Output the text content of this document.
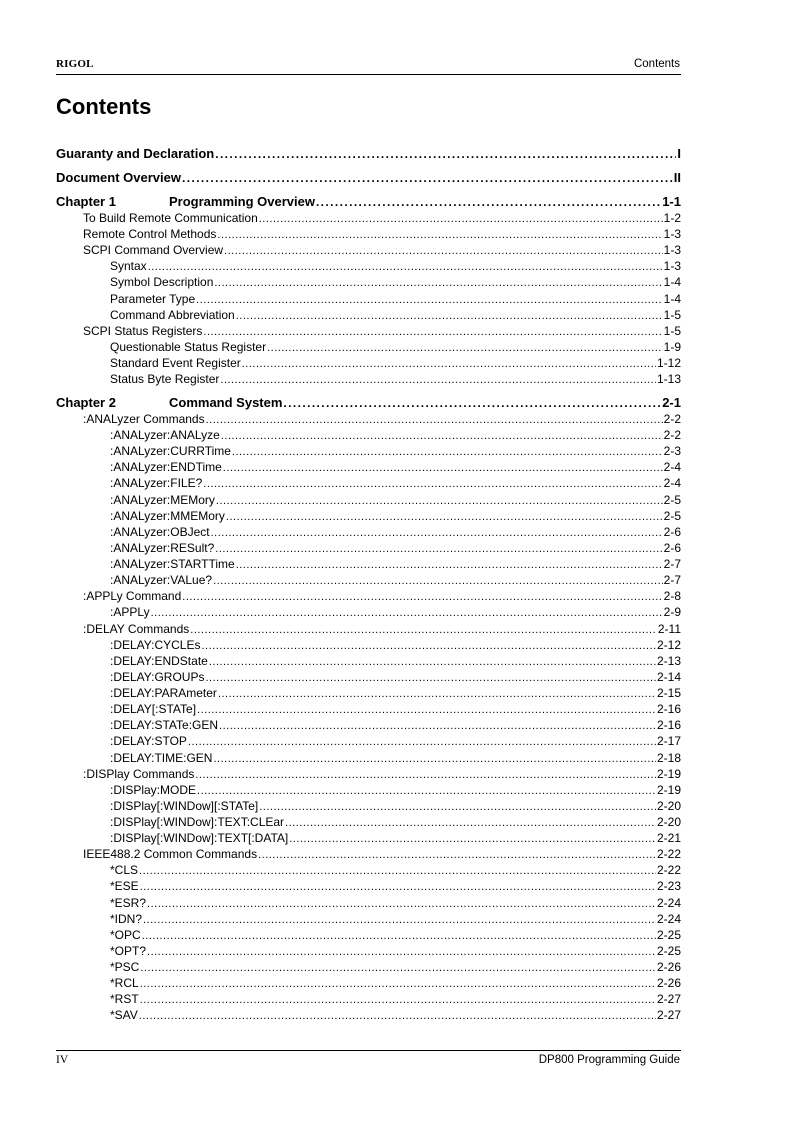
RIGOL	Contents
Contents
Guaranty and Declaration .....	I
Document Overview .....	II
Chapter 1	Programming Overview .....	1-1
To Build Remote Communication .....	1-2
Remote Control Methods .....	1-3
SCPI Command Overview .....	1-3
Syntax .....	1-3
Symbol Description .....	1-4
Parameter Type .....	1-4
Command Abbreviation .....	1-5
SCPI Status Registers .....	1-5
Questionable Status Register .....	1-9
Standard Event Register .....	1-12
Status Byte Register .....	1-13
Chapter 2	Command System .....	2-1
:ANALyzer Commands .....	2-2
:ANALyzer:ANALyze .....	2-2
:ANALyzer:CURRTime .....	2-3
:ANALyzer:ENDTime .....	2-4
:ANALyzer:FILE? .....	2-4
:ANALyzer:MEMory .....	2-5
:ANALyzer:MMEMory .....	2-5
:ANALyzer:OBJect .....	2-6
:ANALyzer:RESult? .....	2-6
:ANALyzer:STARTTime .....	2-7
:ANALyzer:VALue? .....	2-7
:APPLy Command .....	2-8
:APPLy .....	2-9
:DELAY Commands .....	2-11
:DELAY:CYCLEs .....	2-12
:DELAY:ENDState .....	2-13
:DELAY:GROUPs .....	2-14
:DELAY:PARAmeter .....	2-15
:DELAY[:STATe] .....	2-16
:DELAY:STATe:GEN .....	2-16
:DELAY:STOP .....	2-17
:DELAY:TIME:GEN .....	2-18
:DISPlay Commands .....	2-19
:DISPlay:MODE .....	2-19
:DISPlay[:WINDow][:STATe] .....	2-20
:DISPlay[:WINDow]:TEXT:CLEar .....	2-20
:DISPlay[:WINDow]:TEXT[:DATA] .....	2-21
IEEE488.2 Common Commands .....	2-22
*CLS .....	2-22
*ESE .....	2-23
*ESR? .....	2-24
*IDN? .....	2-24
*OPC .....	2-25
*OPT? .....	2-25
*PSC .....	2-26
*RCL .....	2-26
*RST .....	2-27
*SAV .....	2-27
IV	DP800 Programming Guide
